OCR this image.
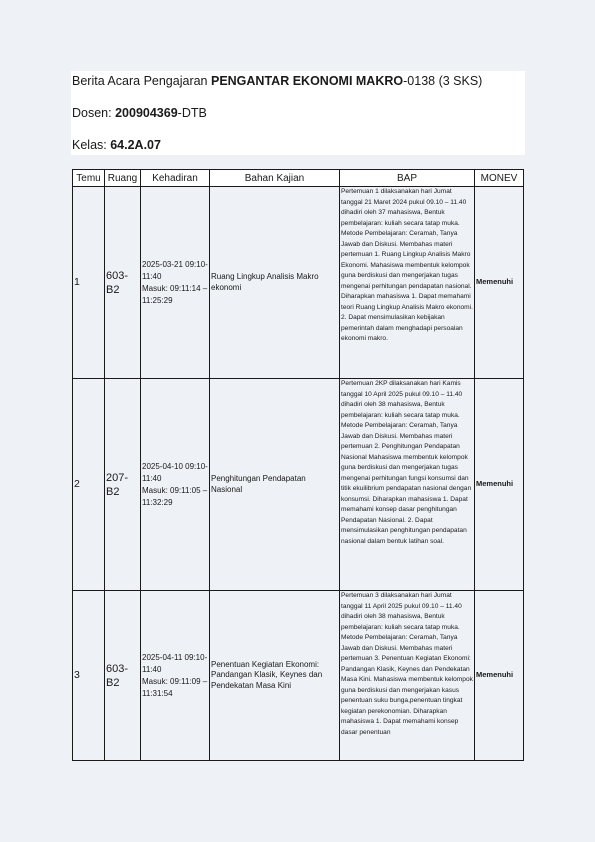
Berita Acara Pengajaran PENGANTAR EKONOMI MAKRO-0138 (3 SKS)
Dosen: 200904369-DTB
Kelas: 64.2A.07
Temu	Ruang	Kehadiran	Bahan Kajian	BAP	MONEV
1	603-B2	2025-03-21 09:10-11:40
Masuk: 09:11:14 – 11:25:29	Ruang Lingkup Analisis Makro ekonomi	Pertemuan 1 dilaksanakan hari Jumat tanggal 21 Maret 2024 pukul 09.10 – 11.40 dihadiri oleh 37 mahasiswa, Bentuk pembelajaran: kuliah secara tatap muka. Metode Pembelajaran: Ceramah, Tanya Jawab dan Diskusi. Membahas materi pertemuan 1. Ruang Lingkup Analisis Makro Ekonomi. Mahasiswa membentuk kelompok guna berdiskusi dan mengerjakan tugas mengenai perhitungan pendapatan nasional. Diharapkan mahasiswa 1. Dapat memahami teori Ruang Lingkup Analisis Makro ekonomi. 2. Dapat mensimulasikan kebijakan pemerintah dalam menghadapi persoalan ekonomi makro.	Memenuhi
2	207-B2	2025-04-10 09:10-11:40
Masuk: 09:11:05 – 11:32:29	Penghitungan Pendapatan Nasional	Pertemuan 2KP dilaksanakan hari Kamis tanggal 10 April 2025 pukul 09.10 – 11.40 dihadiri oleh 38 mahasiswa, Bentuk pembelajaran: kuliah secara tatap muka. Metode Pembelajaran: Ceramah, Tanya Jawab dan Diskusi. Membahas materi pertemuan 2. Penghitungan Pendapatan Nasional Mahasiswa membentuk kelompok guna berdiskusi dan mengerjakan tugas mengenai perhitungan fungsi konsumsi dan titik ekuilibrium pendapatan nasional dengan konsumsi. Diharapkan mahasiswa 1. Dapat memahami konsep dasar penghitungan Pendapatan Nasional. 2. Dapat mensimulasikan penghitungan pendapatan nasional dalam bentuk latihan soal.	Memenuhi
3	603-B2	2025-04-11 09:10-11:40
Masuk: 09:11:09 – 11:31:54	Penentuan Kegiatan Ekonomi: Pandangan Klasik, Keynes dan Pendekatan Masa Kini	Pertemuan 3 dilaksanakan hari Jumat tanggal 11 April 2025 pukul 09.10 – 11.40 dihadiri oleh 38 mahasiswa, Bentuk pembelajaran: kuliah secara tatap muka. Metode Pembelajaran: Ceramah, Tanya Jawab dan Diskusi. Membahas materi pertemuan 3. Penentuan Kegiatan Ekonomi: Pandangan Klasik, Keynes dan Pendekatan Masa Kini. Mahasiswa membentuk kelompok guna berdiskusi dan mengerjakan kasus penentuan suku bunga,penentuan tingkat kegiatan perekonomian. Diharapkan mahasiswa 1. Dapat memahami konsep dasar penentuan	Memenuhi
